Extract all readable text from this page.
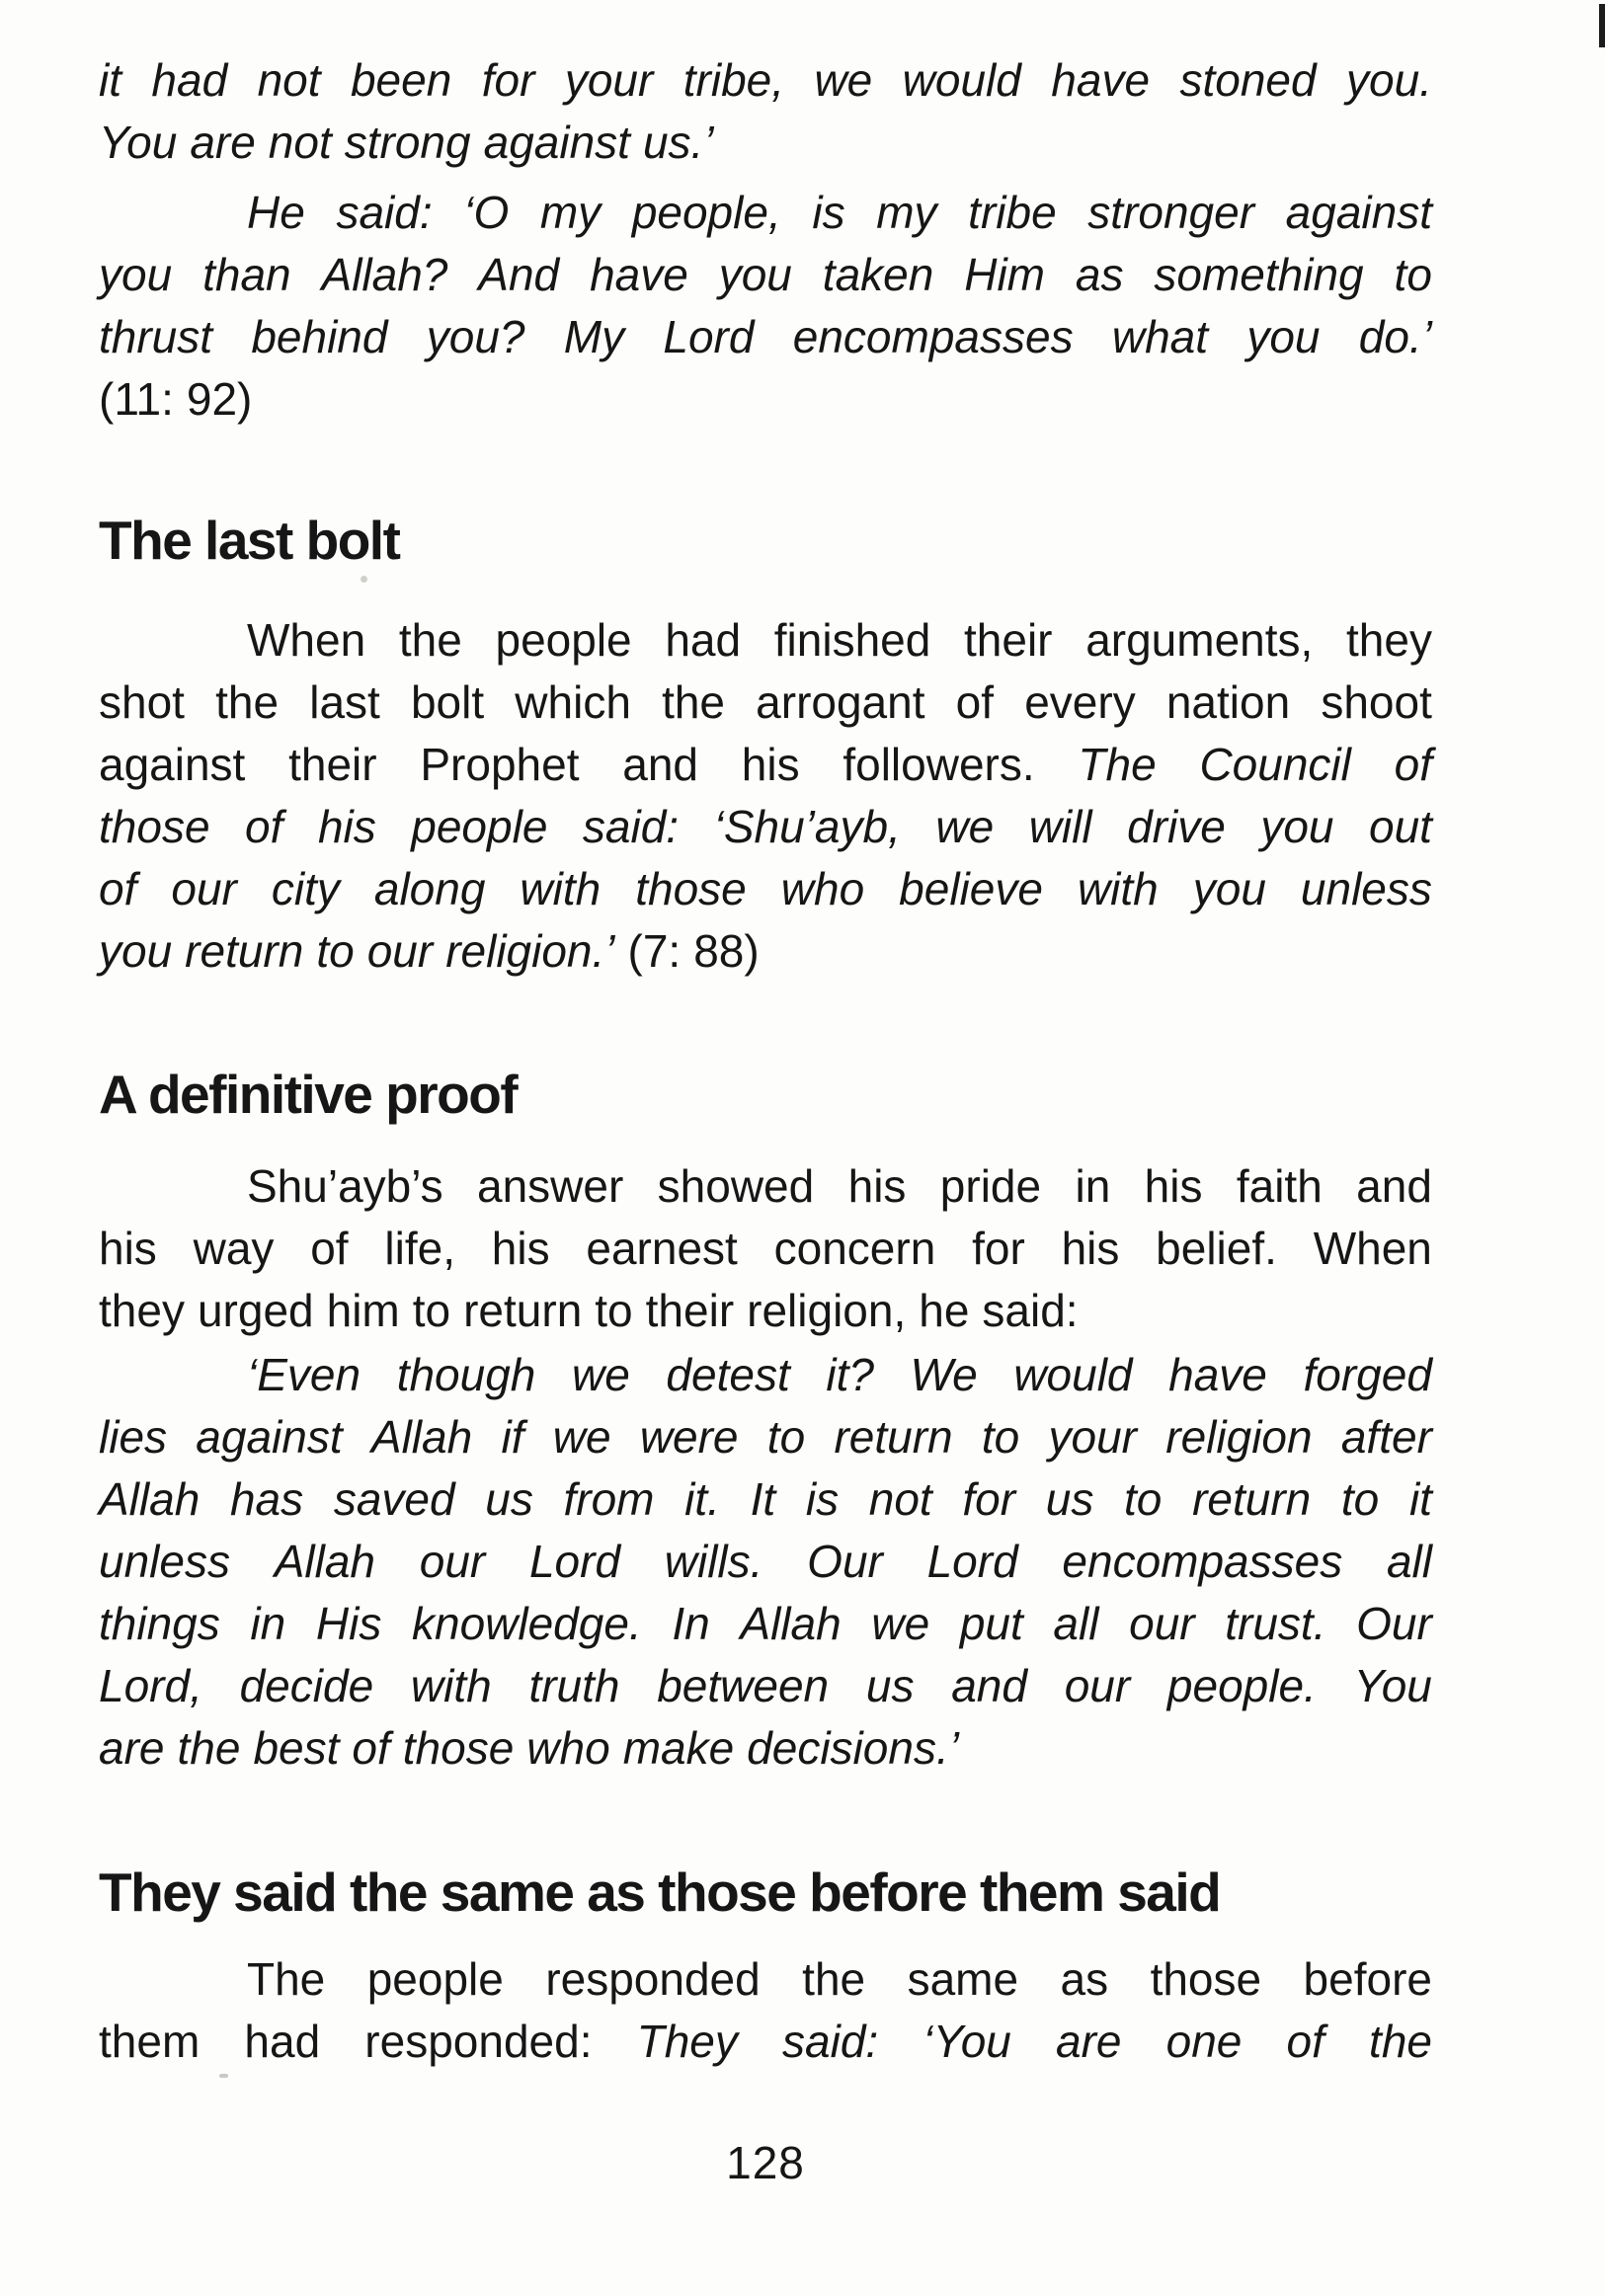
it had not been for your tribe, we would have stoned you.
You are not strong against us.’
He said: ‘O my people, is my tribe stronger against
you than Allah? And have you taken Him as something to
thrust behind you? My Lord encompasses what you do.’
(11: 92)
The last bolt
When the people had finished their arguments, they
shot the last bolt which the arrogant of every nation shoot
against their Prophet and his followers. The Council of
those of his people said: ‘Shu’ayb, we will drive you out
of our city along with those who believe with you unless
you return to our religion.’ (7: 88)
A definitive proof
Shu’ayb’s answer showed his pride in his faith and
his way of life, his earnest concern for his belief. When
they urged him to return to their religion, he said:
‘Even though we detest it? We would have forged
lies against Allah if we were to return to your religion after
Allah has saved us from it. It is not for us to return to it
unless Allah our Lord wills. Our Lord encompasses all
things in His knowledge. In Allah we put all our trust. Our
Lord, decide with truth between us and our people. You
are the best of those who make decisions.’
They said the same as those before them said
The people responded the same as those before
them had responded: They said: ‘You are one of the
128
